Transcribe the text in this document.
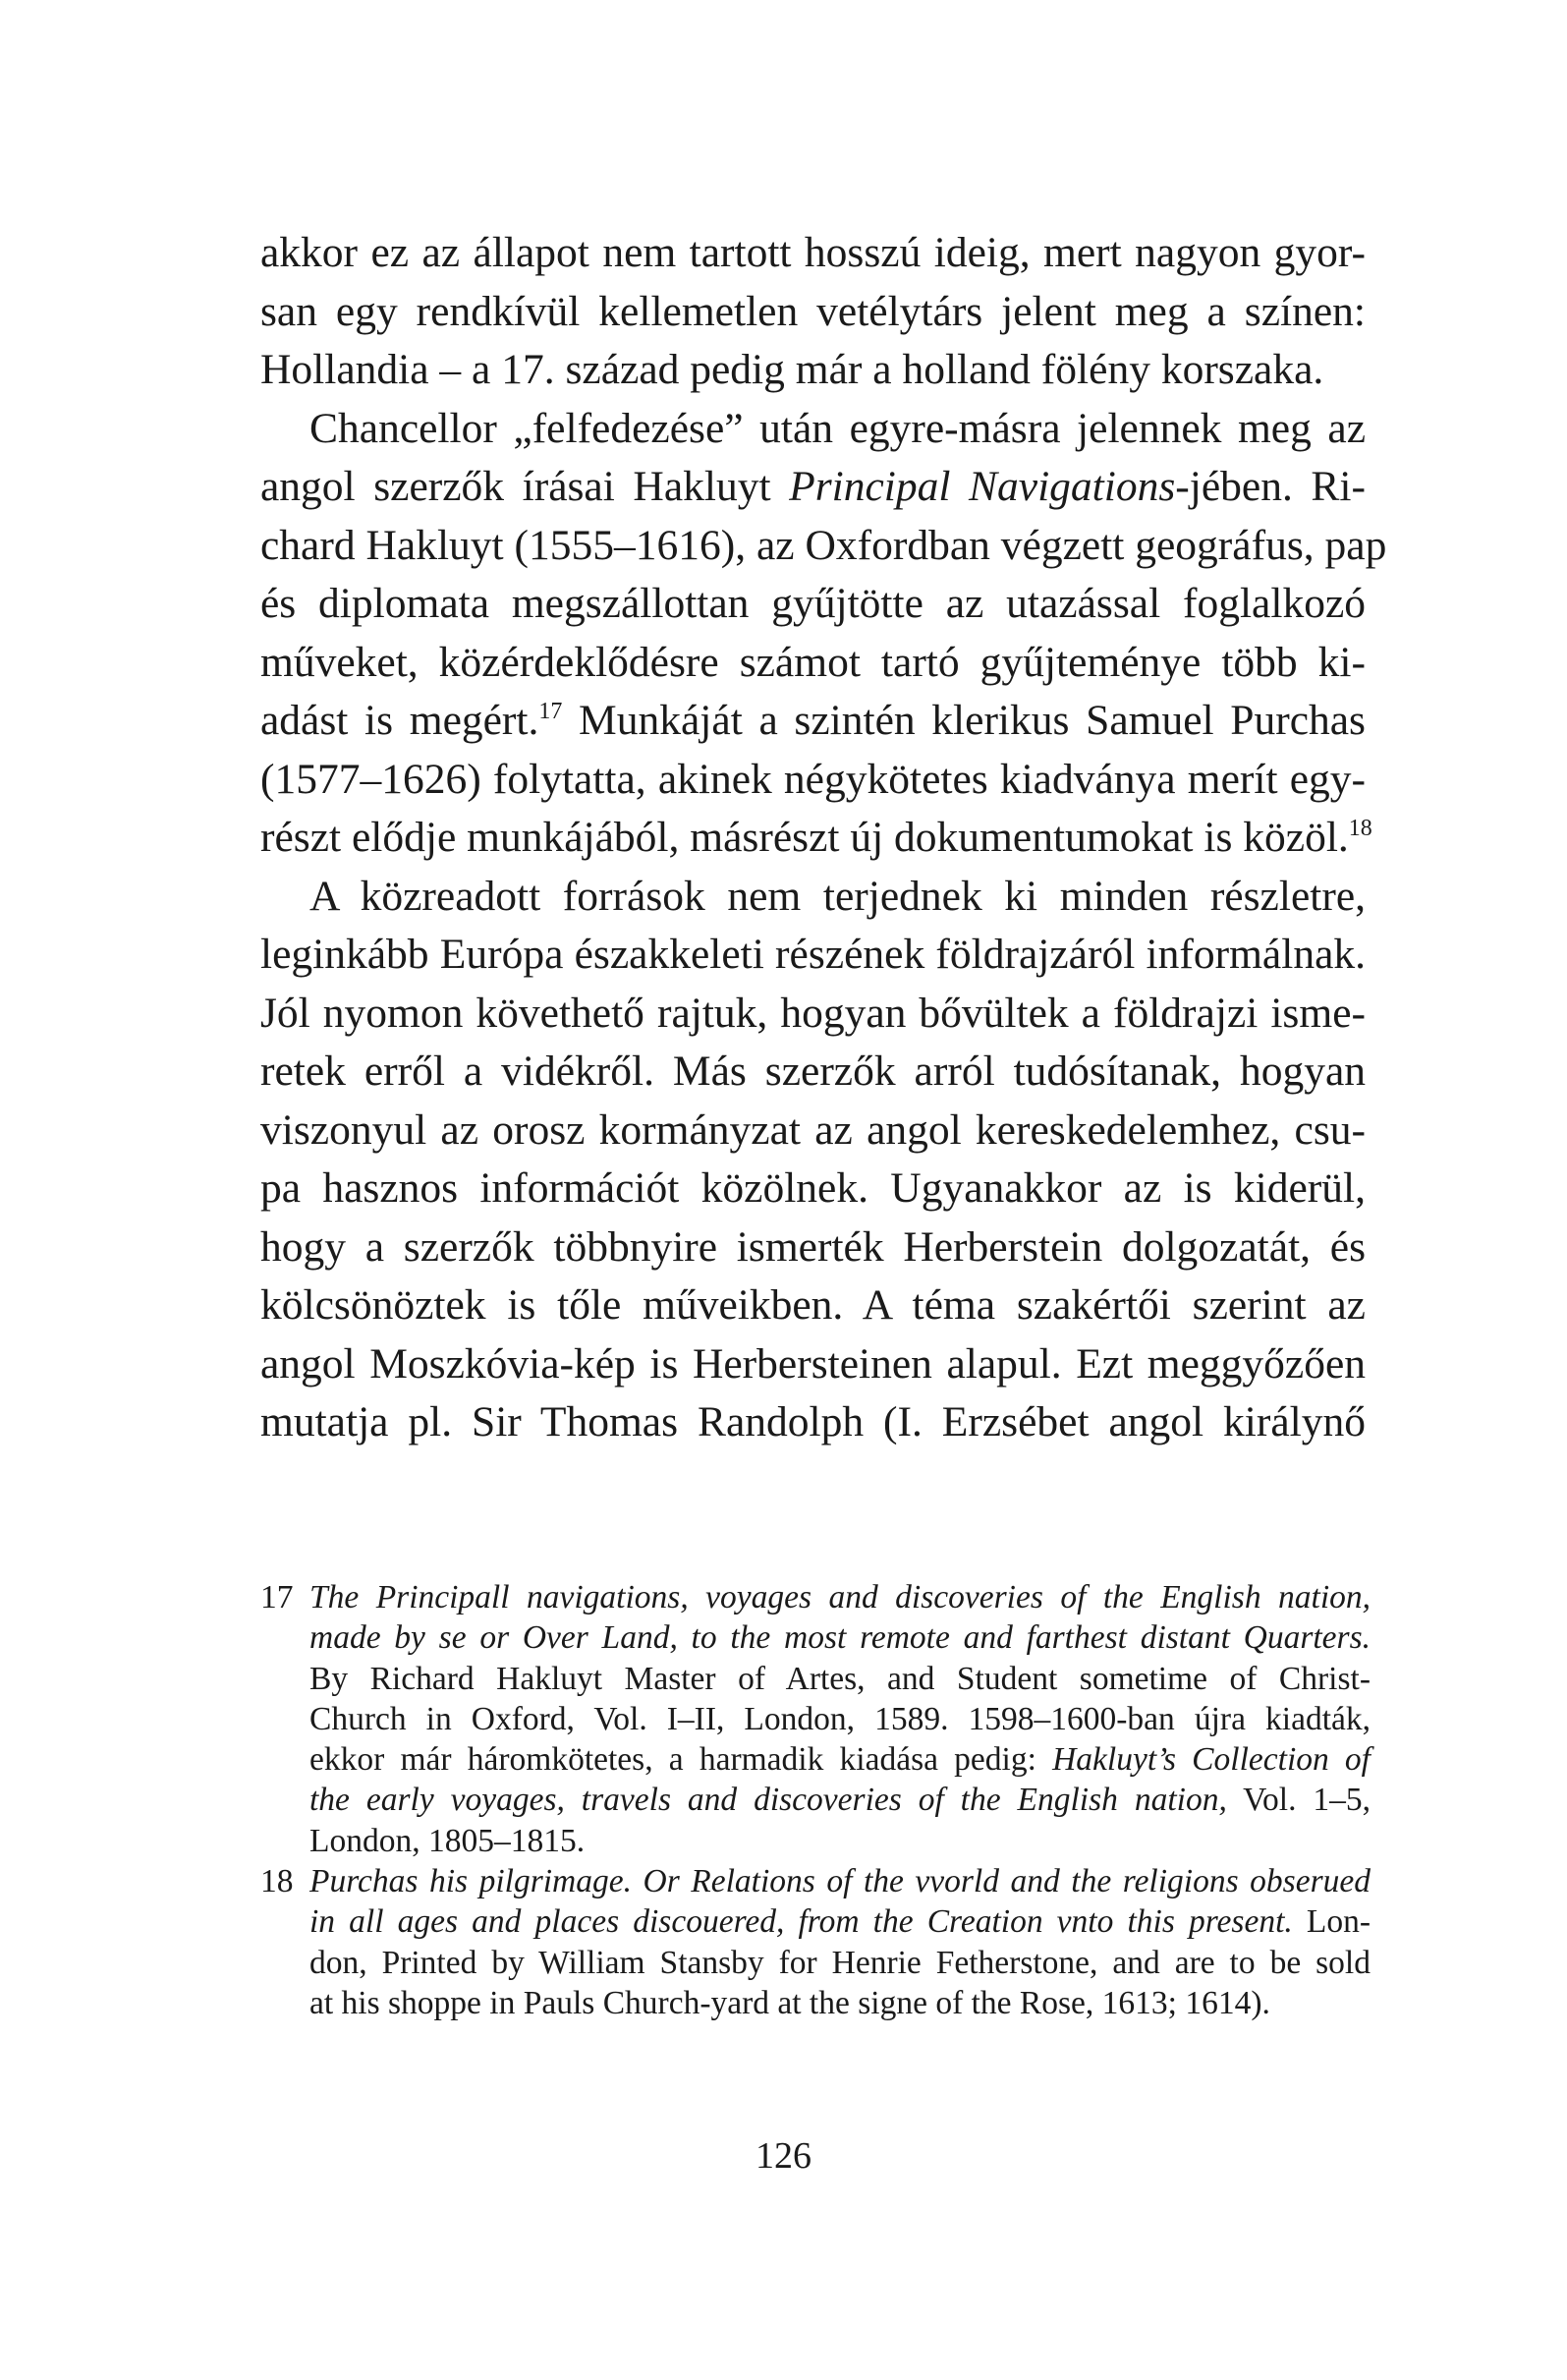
akkor ez az állapot nem tartott hosszú ideig, mert nagyon gyor-
san egy rendkívül kellemetlen vetélytárs jelent meg a színen:
Hollandia – a 17. század pedig már a holland fölény korszaka.
Chancellor „felfedezése” után egyre-másra jelennek meg az
angol szerzők írásai Hakluyt Principal Navigations-jében. Ri-
chard Hakluyt (1555–1616), az Oxfordban végzett geográfus, pap
és diplomata megszállottan gyűjtötte az utazással foglalkozó
műveket, közérdeklődésre számot tartó gyűjteménye több ki-
adást is megért.$^{17}$ Munkáját a szintén klerikus Samuel Purchas
(1577–1626) folytatta, akinek négykötetes kiadványa merít egy-
részt elődje munkájából, másrészt új dokumentumokat is közöl.$^{18}$
A közreadott források nem terjednek ki minden részletre,
leginkább Európa északkeleti részének földrajzáról informálnak.
Jól nyomon követhető rajtuk, hogyan bővültek a földrajzi isme-
retek erről a vidékről. Más szerzők arról tudósítanak, hogyan
viszonyul az orosz kormányzat az angol kereskedelemhez, csu-
pa hasznos információt közölnek. Ugyanakkor az is kiderül,
hogy a szerzők többnyire ismerték Herberstein dolgozatát, és
kölcsönöztek is tőle műveikben. A téma szakértői szerint az
angol Moszkóvia-kép is Herbersteinen alapul. Ezt meggyőzően
mutatja pl. Sir Thomas Randolph (I. Erzsébet angol királynő
17 The Principall navigations, voyages and discoveries of the English nation,
made by se or Over Land, to the most remote and farthest distant Quarters.
By Richard Hakluyt Master of Artes, and Student sometime of Christ-
Church in Oxford, Vol. I–II, London, 1589. 1598–1600-ban újra kiadták,
ekkor már háromkötetes, a harmadik kiadása pedig: Hakluyt’s Collection of
the early voyages, travels and discoveries of the English nation, Vol. 1–5,
London, 1805–1815.
18 Purchas his pilgrimage. Or Relations of the vvorld and the religions obserued
in all ages and places discouered, from the Creation vnto this present. Lon-
don, Printed by William Stansby for Henrie Fetherstone, and are to be sold
at his shoppe in Pauls Church-yard at the signe of the Rose, 1613; 1614).
126
